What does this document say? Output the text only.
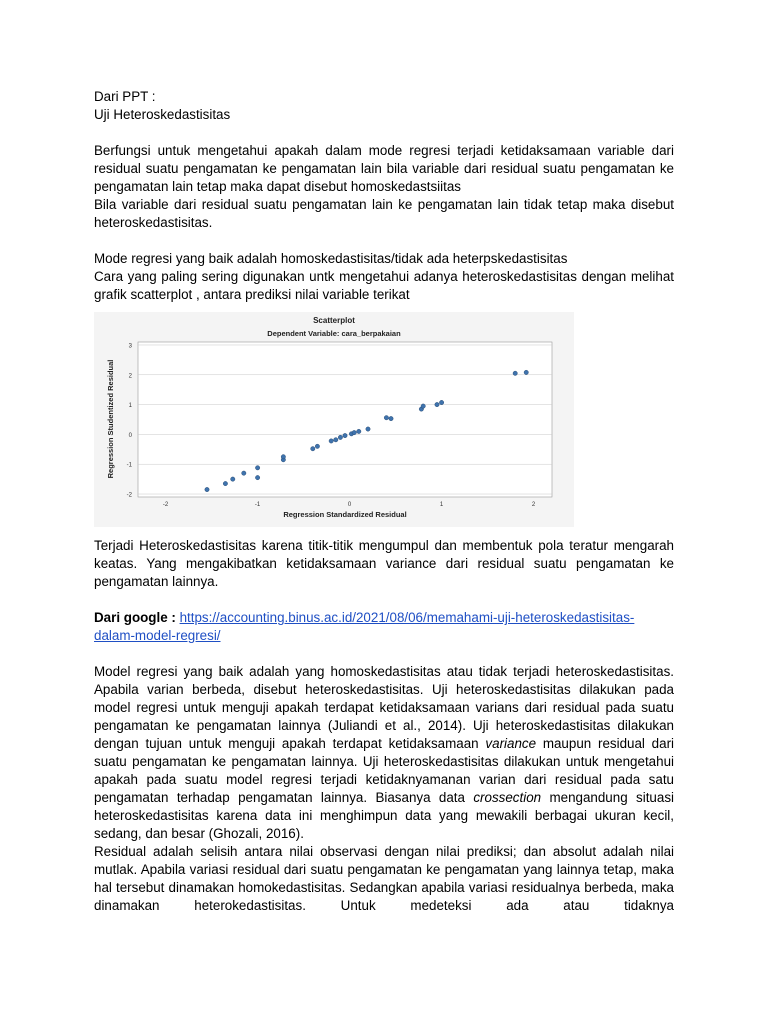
Dari PPT :

Uji Heteroskedastisitas

Berfungsi untuk mengetahui apakah dalam mode regresi terjadi ketidaksamaan variable dari residual suatu pengamatan ke pengamatan lain bila variable dari residual suatu pengamatan ke pengamatan lain tetap maka dapat disebut homoskedastsiitas

Bila variable dari residual suatu pengamatan lain ke pengamatan lain tidak tetap maka disebut heteroskedastisitas.

Mode regresi yang baik adalah homoskedastisitas/tidak ada heterpskedastisitas

Cara yang paling sering digunakan untk mengetahui adanya heteroskedastisitas dengan melihat grafik scatterplot , antara prediksi nilai variable terikat

Scatterplot
Dependent Variable: cara_berpakaian
-2
-1
0
1
2
3
-2	-1	0	1	2
Regression Standardized Residual
Regression Studentized Residual

Terjadi Heteroskedastisitas karena titik-titik mengumpul dan membentuk pola teratur mengarah keatas. Yang mengakibatkan ketidaksamaan variance dari residual suatu pengamatan ke pengamatan lainnya.

Dari google : https://accounting.binus.ac.id/2021/08/06/memahami-uji-heteroskedastisitas-dalam-model-regresi/

Model regresi yang baik adalah yang homoskedastisitas atau tidak terjadi heteroskedastisitas. Apabila varian berbeda, disebut heteroskedastisitas. Uji heteroskedastisitas dilakukan pada model regresi untuk menguji apakah terdapat ketidaksamaan varians dari residual pada suatu pengamatan ke pengamatan lainnya (Juliandi et al., 2014). Uji heteroskedastisitas dilakukan dengan tujuan untuk menguji apakah terdapat ketidaksamaan variance maupun residual dari suatu pengamatan ke pengamatan lainnya. Uji heteroskedastisitas dilakukan untuk mengetahui apakah pada suatu model regresi terjadi ketidaknyamanan varian dari residual pada satu pengamatan terhadap pengamatan lainnya. Biasanya data crossection mengandung situasi heteroskedastisitas karena data ini menghimpun data yang mewakili berbagai ukuran kecil, sedang, dan besar (Ghozali, 2016).

Residual adalah selisih antara nilai observasi dengan nilai prediksi; dan absolut adalah nilai mutlak. Apabila variasi residual dari suatu pengamatan ke pengamatan yang lainnya tetap, maka hal tersebut dinamakan homokedastisitas. Sedangkan apabila variasi residualnya berbeda, maka dinamakan heterokedastisitas. Untuk medeteksi ada atau tidaknya
